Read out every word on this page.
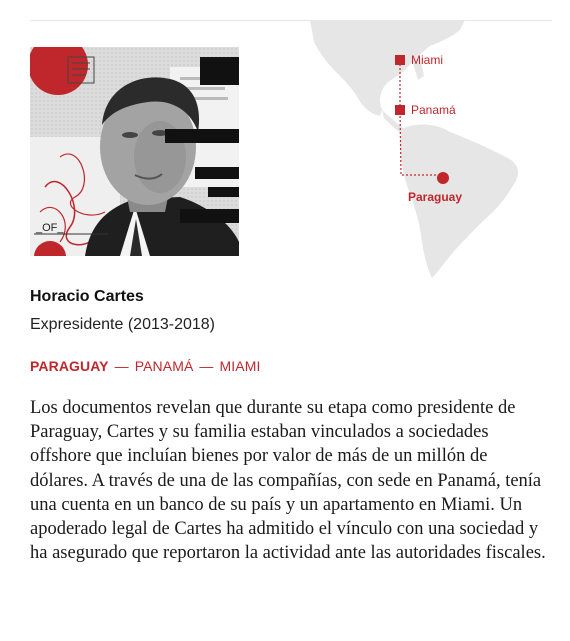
_OF_
Miami
Panamá
Paraguay
Horacio Cartes
Expresidente (2013-2018)
PARAGUAY — PANAMÁ — MIAMI

Los documentos revelan que durante su etapa como presidente de Paraguay, Cartes y su familia estaban vinculados a sociedades offshore que incluían bienes por valor de más de un millón de dólares. A través de una de las compañías, con sede en Panamá, tenía una cuenta en un banco de su país y un apartamento en Miami. Un apoderado legal de Cartes ha admitido el vínculo con una sociedad y ha asegurado que reportaron la actividad ante las autoridades fiscales.
